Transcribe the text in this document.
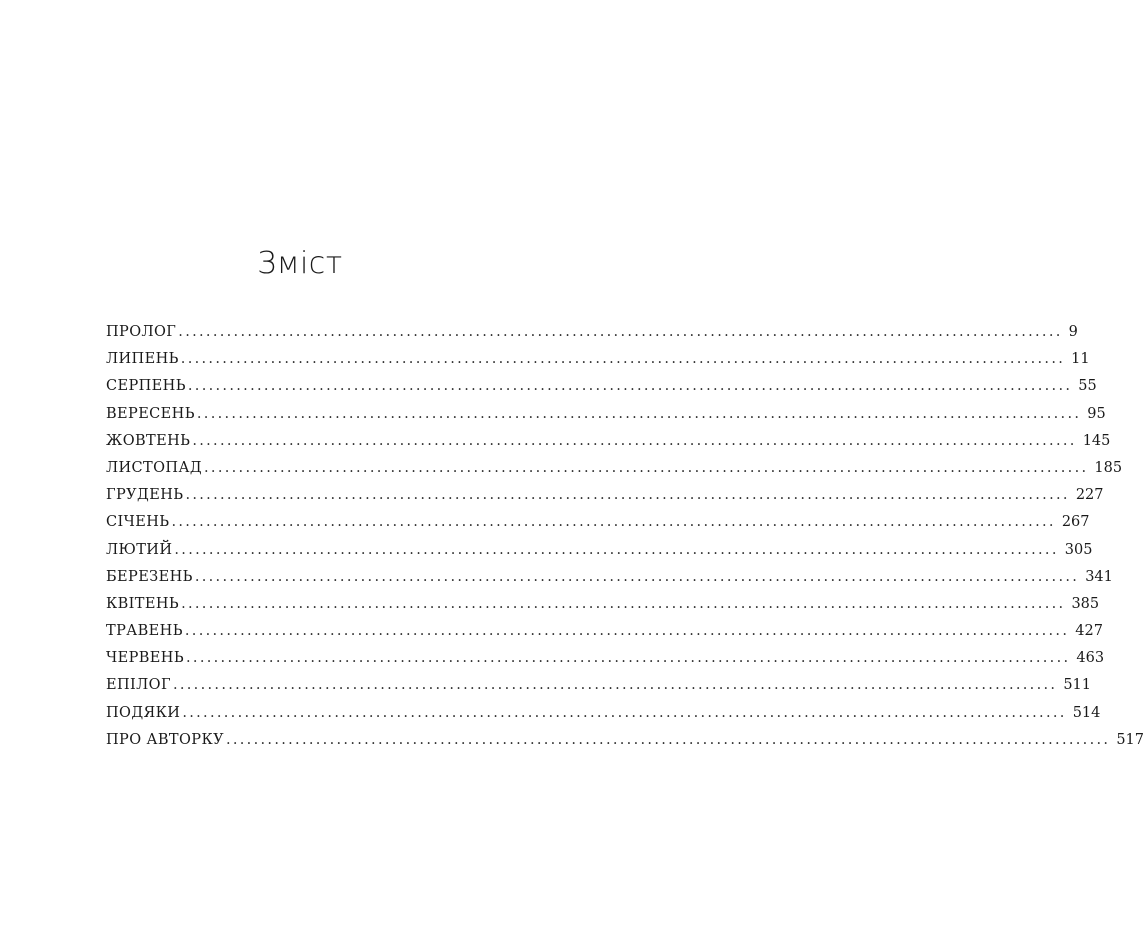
Зміст
ПРОЛОГ ................................................................................................................................ 9
ЛИПЕНЬ ................................................................................................................................ 11
СЕРПЕНЬ ................................................................................................................................ 55
ВЕРЕСЕНЬ ................................................................................................................................ 95
ЖОВТЕНЬ ................................................................................................................................ 145
ЛИСТОПАД ................................................................................................................................ 185
ГРУДЕНЬ ................................................................................................................................ 227
СІЧЕНЬ ................................................................................................................................ 267
ЛЮТИЙ ................................................................................................................................ 305
БЕРЕЗЕНЬ ................................................................................................................................ 341
КВІТЕНЬ ................................................................................................................................ 385
ТРАВЕНЬ ................................................................................................................................ 427
ЧЕРВЕНЬ ................................................................................................................................ 463
ЕПІЛОГ ................................................................................................................................ 511
ПОДЯКИ ................................................................................................................................ 514
ПРО АВТОРКУ ................................................................................................................................ 517
